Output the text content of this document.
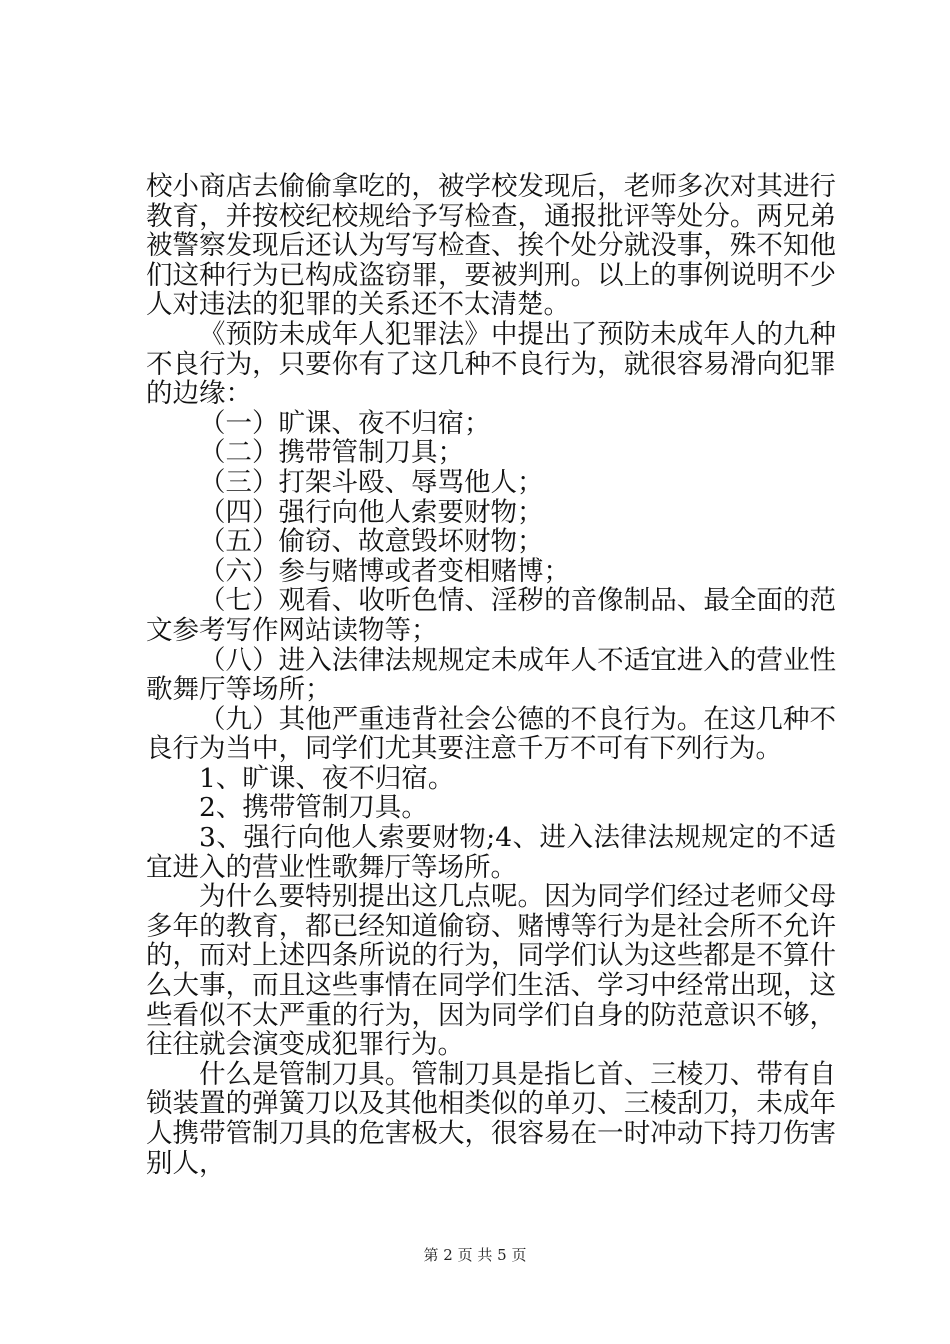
校小商店去偷偷拿吃的，被学校发现后，老师多次对其进行教育，并按校纪校规给予写检查，通报批评等处分。两兄弟被警察发现后还认为写写检查、挨个处分就没事，殊不知他们这种行为已构成盗窃罪，要被判刑。以上的事例说明不少人对违法的犯罪的关系还不太清楚。

《预防未成年人犯罪法》中提出了预防未成年人的九种不良行为，只要你有了这几种不良行为，就很容易滑向犯罪的边缘：

（一）旷课、夜不归宿；

（二）携带管制刀具；

（三）打架斗殴、辱骂他人；

（四）强行向他人索要财物；

（五）偷窃、故意毁坏财物；

（六）参与赌博或者变相赌博；

（七）观看、收听色情、淫秽的音像制品、最全面的范文参考写作网站读物等；

（八）进入法律法规规定未成年人不适宜进入的营业性歌舞厅等场所；

（九）其他严重违背社会公德的不良行为。在这几种不良行为当中，同学们尤其要注意千万不可有下列行为。

1、旷课、夜不归宿。

2、携带管制刀具。

3、强行向他人索要财物;4、进入法律法规规定的不适宜进入的营业性歌舞厅等场所。

为什么要特别提出这几点呢。因为同学们经过老师父母多年的教育，都已经知道偷窃、赌博等行为是社会所不允许的，而对上述四条所说的行为，同学们认为这些都是不算什么大事，而且这些事情在同学们生活、学习中经常出现，这些看似不太严重的行为，因为同学们自身的防范意识不够，往往就会演变成犯罪行为。

什么是管制刀具。管制刀具是指匕首、三棱刀、带有自锁装置的弹簧刀以及其他相类似的单刃、三棱刮刀，未成年人携带管制刀具的危害极大，很容易在一时冲动下持刀伤害别人，

第 2 页 共 5 页
